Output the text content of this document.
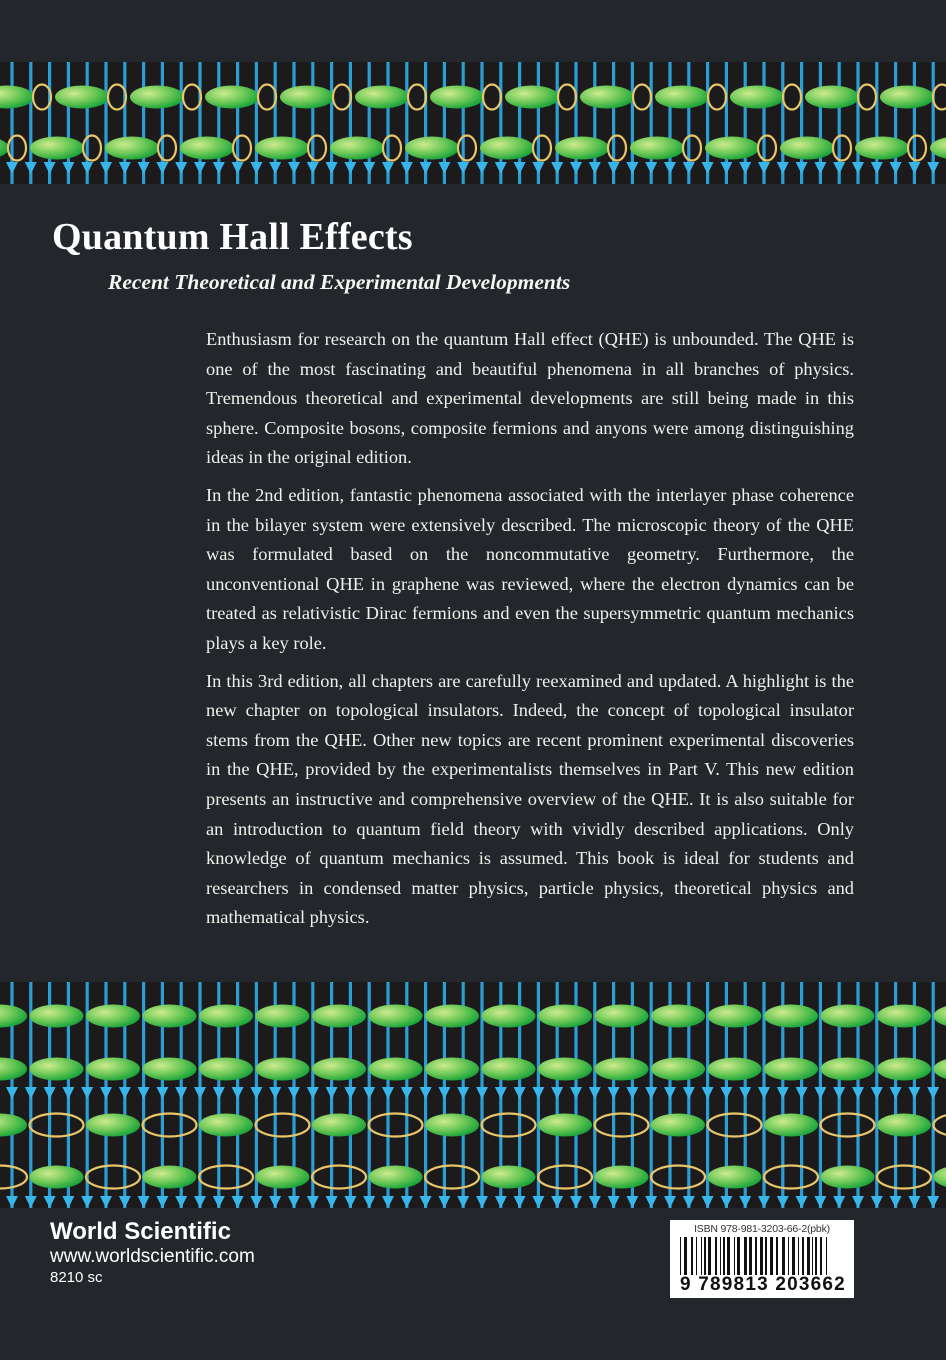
Quantum Hall Effects
Recent Theoretical and Experimental Developments

Enthusiasm for research on the quantum Hall effect (QHE) is unbounded. The QHE is one of the most fascinating and beautiful phenomena in all branches of physics. Tremendous theoretical and experimental developments are still being made in this sphere. Composite bosons, composite fermions and anyons were among distinguishing ideas in the original edition.

In the 2nd edition, fantastic phenomena associated with the interlayer phase coherence in the bilayer system were extensively described. The microscopic theory of the QHE was formulated based on the noncommutative geometry. Furthermore, the unconventional QHE in graphene was reviewed, where the electron dynamics can be treated as relativistic Dirac fermions and even the supersymmetric quantum mechanics plays a key role.

In this 3rd edition, all chapters are carefully reexamined and updated. A highlight is the new chapter on topological insulators. Indeed, the concept of topological insulator stems from the QHE. Other new topics are recent prominent experimental discoveries in the QHE, provided by the experimentalists themselves in Part V. This new edition presents an instructive and comprehensive overview of the QHE. It is also suitable for an introduction to quantum field theory with vividly described applications. Only knowledge of quantum mechanics is assumed. This book is ideal for students and researchers in condensed matter physics, particle physics, theoretical physics and mathematical physics.

World Scientific
www.worldscientific.com
8210 sc
ISBN 978-981-3203-66-2(pbk)
9 789813 203662
